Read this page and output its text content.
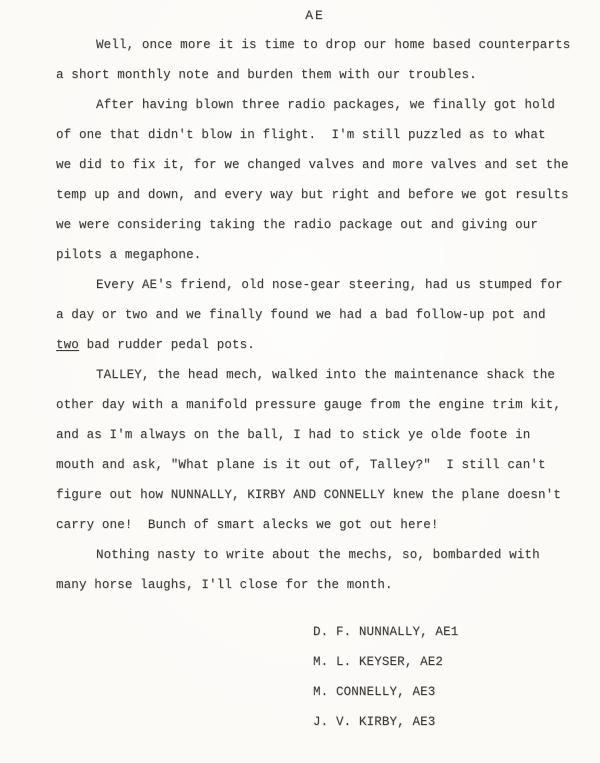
AE
Well, once more it is time to drop our home based counterparts
a short monthly note and burden them with our troubles.
After having blown three radio packages, we finally got hold
of one that didn't blow in flight.  I'm still puzzled as to what
we did to fix it, for we changed valves and more valves and set the
temp up and down, and every way but right and before we got results
we were considering taking the radio package out and giving our
pilots a megaphone.
Every AE's friend, old nose-gear steering, had us stumped for
a day or two and we finally found we had a bad follow-up pot and
two bad rudder pedal pots.
TALLEY, the head mech, walked into the maintenance shack the
other day with a manifold pressure gauge from the engine trim kit,
and as I'm always on the ball, I had to stick ye olde foote in
mouth and ask, "What plane is it out of, Talley?"  I still can't
figure out how NUNNALLY, KIRBY AND CONNELLY knew the plane doesn't
carry one!  Bunch of smart alecks we got out here!
Nothing nasty to write about the mechs, so, bombarded with
many horse laughs, I'll close for the month.
D. F. NUNNALLY, AE1
M. L. KEYSER, AE2
M. CONNELLY, AE3
J. V. KIRBY, AE3
